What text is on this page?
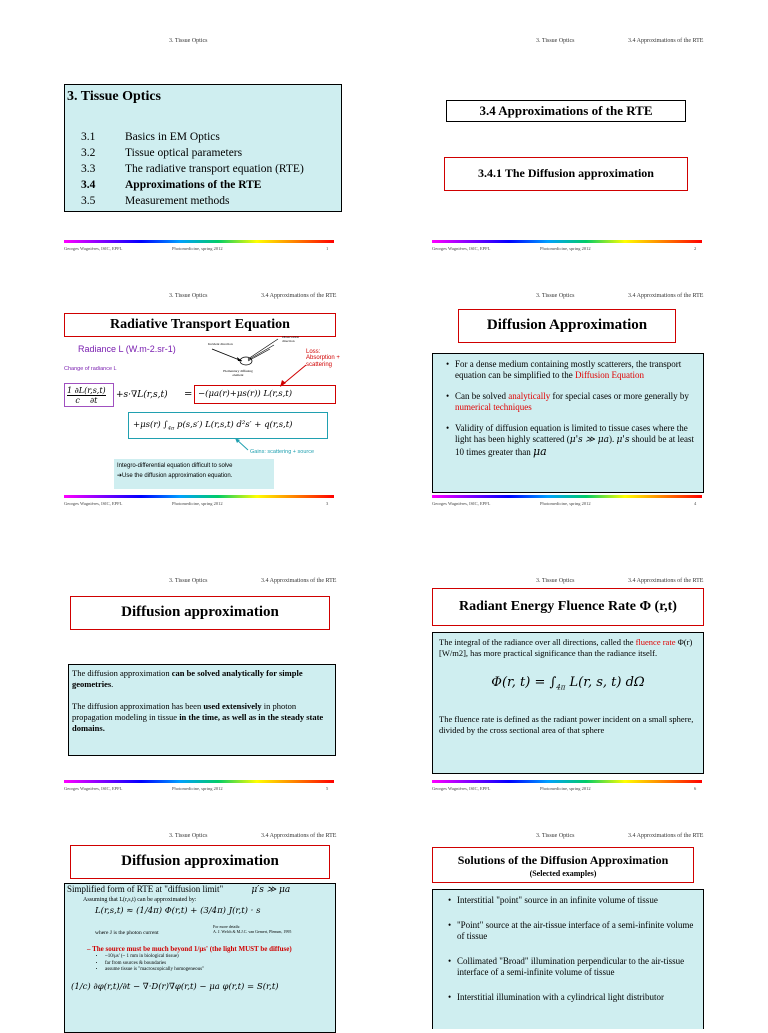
3. Tissue Optics
3. Tissue Optics
3.1	Basics in EM Optics
3.2	Tissue optical parameters
3.3	The radiative transport equation (RTE)
3.4	Approximations of the RTE
3.5	Measurement methods
Georges Wagnières, ISIC, EPFL	Photomedicine, spring 2012	1
3. Tissue Optics	3.4 Approximations of the RTE
3.4 Approximations of the RTE
3.4.1 The Diffusion approximation
Georges Wagnières, ISIC, EPFL	Photomedicine, spring 2012	2
3. Tissue Optics	3.4 Approximations of the RTE
Radiative Transport Equation
Radiance L (W.m-2.sr-1)
Change of radiance L
Incident direction
Observation direction
Elementary diffusing element
Loss:
Absorption + scattering
1 ∂L(r,s,t)
c    ∂t
+s·∇L(r,s,t) = −(μa(r)+μs(r)) L(r,s,t)
+μs(r) $\int_{4\pi}$ p(s,s′) L(r,s,t) d²s′ + q(r,s,t)
Gains: scattering + source
Integro-differential equation difficult to solve
➔Use the diffusion approximation equation.
Georges Wagnières, ISIC, EPFL	Photomedicine, spring 2012	3
3. Tissue Optics	3.4 Approximations of the RTE
Diffusion Approximation
• For a dense medium containing mostly scatterers, the transport equation can be simplified to the Diffusion Equation
• Can be solved analytically for special cases or more generally by numerical techniques
• Validity of diffusion equation is limited to tissue cases where the light has been highly scattered (μ's ≫ μa). μ's should be at least 10 times greater than μa
Georges Wagnières, ISIC, EPFL	Photomedicine, spring 2012	4
3. Tissue Optics	3.4 Approximations of the RTE
Diffusion approximation
The diffusion approximation can be solved analytically for simple geometries.
The diffusion approximation has been used extensively in photon propagation modeling in tissue in the time, as well as in the steady state domains.
Georges Wagnières, ISIC, EPFL	Photomedicine, spring 2012	5
3. Tissue Optics	3.4 Approximations of the RTE
Radiant Energy Fluence Rate Φ (r,t)
The integral of the radiance over all directions, called the fluence rate Φ(r) [W/m2], has more practical significance than the radiance itself.
Φ(r, $t) = \int_{4\pi}$ L(r, s, t) dΩ
The fluence rate is defined as the radiant power incident on a small sphere, divided by the cross sectional area of that sphere
Georges Wagnières, ISIC, EPFL	Photomedicine, spring 2012	6
3. Tissue Optics	3.4 Approximations of the RTE
Diffusion approximation
Simplified form of RTE at "diffusion limit"	μ′s ≫ μa
Assuming that L(r,s,t) can be approximated by:
L(r,s,t) ≈ (1/4π) Φ(r,t) + (3/4π) J(r,t) · s
where J is the photon current
For more details:
A. J. Welch & M.J.C. van Gemert, Plenum, 1995
– The source must be much beyond 1/μs' (the light MUST be diffuse)
• ~10/μs' (~ 1 mm in biological tissue)
• far from sources & boundaries
• assume tissue is "macroscopically homogeneous"
(1/c) ∂φ(r,t)/∂t − ∇·D(r)∇φ(r,t) − μa φ(r,t) = S(r,t)
3. Tissue Optics	3.4 Approximations of the RTE
Solutions of the Diffusion Approximation
(Selected examples)
• Interstitial "point" source in an infinite volume of tissue
• "Point" source at the air-tissue interface of a semi-infinite volume of tissue
• Collimated "Broad" illumination perpendicular to the air-tissue interface of a semi-infinite volume of tissue
• Interstitial illumination with a cylindrical light distributor
